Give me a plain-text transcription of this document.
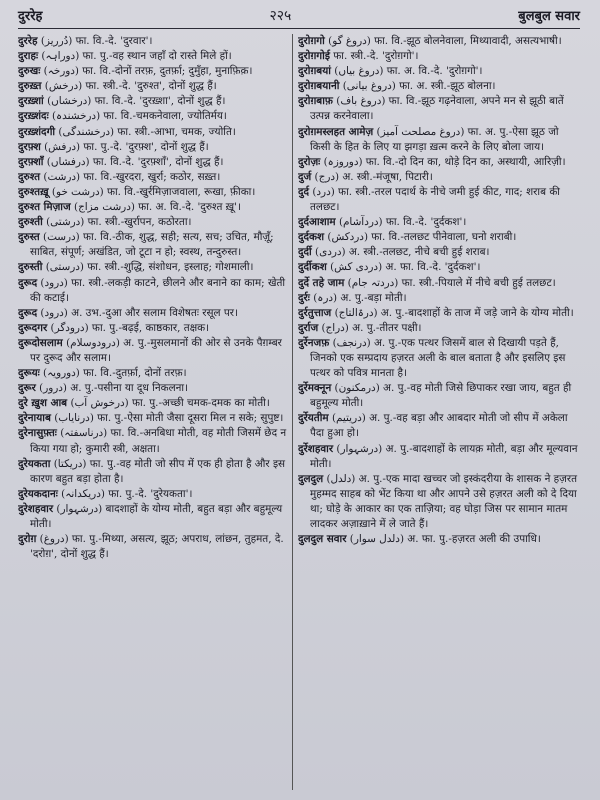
दुररेह	२२५	बुलबुल सवार

दुररेह (دُرریز) फा. वि.-दे. 'दुरवार'।

दुराहः (دوراہہ) फा. पु.-वह स्थान जहाँ दो रास्ते मिले हों।

दुरुखः (دورخہ) फा. वि.-दोनों तरफ़, दुतर्फ़ा; दुमुँहा, मुनाफ़िक़।

दुरुख़्त (درخش) फा. स्त्री.-दे. 'दुरुश्त', दोनों शुद्ध हैं।

दुरख़्शां (درخشاں) फा. वि.-दे. 'दुरख़्शा', दोनों शुद्ध हैं।

दुरख़्शंदः (درخشندہ) फा. वि.-चमकनेवाला, ज्योतिर्मय।

दुरख़्शंदगी (درخشندگی) फा. स्त्री.-आभा, चमक, ज्योति।

दुरफ़्श (درفش) फा. पु.-दे. 'दुरफ़्श', दोनों शुद्ध हैं।

दुरफ़्शाँ (درفشاں) फा. वि.-दे. 'दुरफ़्शाँ', दोनों शुद्ध हैं।

दुरुश्त (درشت) फा. वि.-खुरदरा, खुर्रा; कठोर, सख़्त।

दुरुश्तख़ू (درشت خو) फा. वि.-खुर्रमिज़ाजवाला, रूखा, फ़ीका।

दुरुश्त मिज़ाज (درشت مزاج) फा. अ. वि.-दे. 'दुरुश्त ख़ू'।

दुरुश्ती (درشتی) फा. स्त्री.-खुर्रापन, कठोरता।

दुरुस्त (درست) फा. वि.-ठीक, शुद्ध, सही; सत्य, सच; उचित, मौज़ूँ; साबित, संपूर्ण; अखंडित, जो टूटा न हो; स्वस्थ, तन्दुरुस्त।

दुरुस्ती (درستی) फा. स्त्री.-शुद्धि, संशोधन, इस्लाह; गोशमाली।

दुरूद (درود) फा. स्त्री.-लकड़ी काटने, छीलने और बनाने का काम; खेती की कटाई।

दुरूद (درود) अ. उभ.-दुआ और सलाम विशेषतः रसूल पर।

दुरूदगर (درودگر) फा. पु.-बढ़ई, काष्ठकार, तक्षक।

दुरूदोसलाम (درودوسلام) अ. पु.-मुसलमानों की ओर से उनके पैग़म्बर पर दुरूद और सलाम।

दुरूयः (دورویہ) फा. वि.-दुतर्फ़ा, दोनों तरफ़।

दुरूर (درور) अ. पु.-पसीना या दूध निकलना।

दुरे ख़ुश आब (درخوش آب) फा. पु.-अच्छी चमक-दमक का मोती।

दुरेनायाब (درنایاب) फा. पु.-ऐसा मोती जैसा दूसरा मिल न सके; सुपुष्ट।

दुरेनासुफ़्तः (درناسفتہ) फा. वि.-अनबिधा मोती, वह मोती जिसमें छेद न किया गया हो; कुमारी स्त्री, अक्षता।

दुरेयकता (دریکتا) फा. पु.-वह मोती जो सीप में एक ही होता है और इस कारण बहुत बड़ा होता है।

दुरेयकदानः (دریکدانہ) फा. पु.-दे. 'दुरेयकता'।

दुरेशहवार (درشہوار) बादशाहों के योग्य मोती, बहुत बड़ा और बहुमूल्य मोती।

दुरोग़ (دروغ) फा. पु.-मिथ्या, असत्य, झूठ; अपराध, लांछन, तुहमत, दे. 'दरोग़', दोनों शुद्ध हैं।

दुरोग़गो (دروغ گو) फा. वि.-झूठ बोलनेवाला, मिथ्यावादी, असत्यभाषी।

दुरोग़गोई फा. स्त्री.-दे. 'दुरोग़गो'।

दुरोग़बयां (دروغ بیاں) फा. अ. वि.-दे. 'दुरोग़गो'।

दुरोग़बयानी (دروغ بیانی) फा. अ. स्त्री.-झूठ बोलना।

दुरोग़बाफ़ (دروغ باف) फा. वि.-झूठ गढ़नेवाला, अपने मन से झूठी बातें उत्पन्न करनेवाला।

दुरोग़मस्लहत आमेज़ (دروغ مصلحت آمیز) फा. अ. पु.-ऐसा झूठ जो किसी के हित के लिए या झगड़ा ख़त्म करने के लिए बोला जाय।

दुरोज़ः (دوروزہ) फा. वि.-दो दिन का, थोड़े दिन का, अस्थायी, आरिज़ी।

दुर्ज (درج) अ. स्त्री.-मंजूषा, पिटारी।

दुर्द (درد) फा. स्त्री.-तरल पदार्थ के नीचे जमी हुई कीट, गाद; शराब की तलछट।

दुर्दआशाम (دردآشام) फा. वि.-दे. 'दुर्दकश'।

दुर्दकश (دردکش) फा. वि.-तलछट पीनेवाला, घनो शराबी।

दुर्दी (دردی) अ. स्त्री.-तलछट, नीचे बची हुई शराब।

दुर्दीकश (دردی کش) अ. फा. वि.-दे. 'दुर्दकश'।

दुर्दे तहे जाम (دردتہ جام) फा. स्त्री.-पियाले में नीचे बची हुई तलछट।

दुर्रः (درہ) अ. पु.-बड़ा मोती।

दुर्रतुत्ताज (درۃالتاج) अ. पु.-बादशाहों के ताज में जड़े जाने के योग्य मोती।

दुर्राज (دراج) अ. पु.-तीतर पक्षी।

दुर्रेनजफ़ (درنجف) अ. पु.-एक पत्थर जिसमें बाल से दिखायी पड़ते हैं, जिनको एक सम्प्रदाय हज़रत अली के बाल बताता है और इसलिए इस पत्थर को पवित्र मानता है।

दुर्रेमक्नून (درمکنون) अ. पु.-वह मोती जिसे छिपाकर रखा जाय, बहुत ही बहुमूल्य मोती।

दुर्रेयतीम (دریتیم) अ. पु.-वह बड़ा और आबदार मोती जो सीप में अकेला पैदा हुआ हो।

दुर्रेशहवार (درشہوار) अ. पु.-बादशाहों के लायक़ मोती, बड़ा और मूल्यवान मोती।

दुलदुल (دلدل) अ. पु.-एक मादा खच्चर जो इस्कंदरीया के शासक ने हज़रत मुहम्मद साहब को भेंट किया था और आपने उसे हज़रत अली को दे दिया था; घोड़े के आकार का एक ताज़िया; वह घोड़ा जिस पर सामान मातम लादकर अज़ाख़ाने में ले जाते हैं।

दुलदुल सवार (دلدل سوار) अ. फा. पु.-हज़रत अली की उपाधि।
